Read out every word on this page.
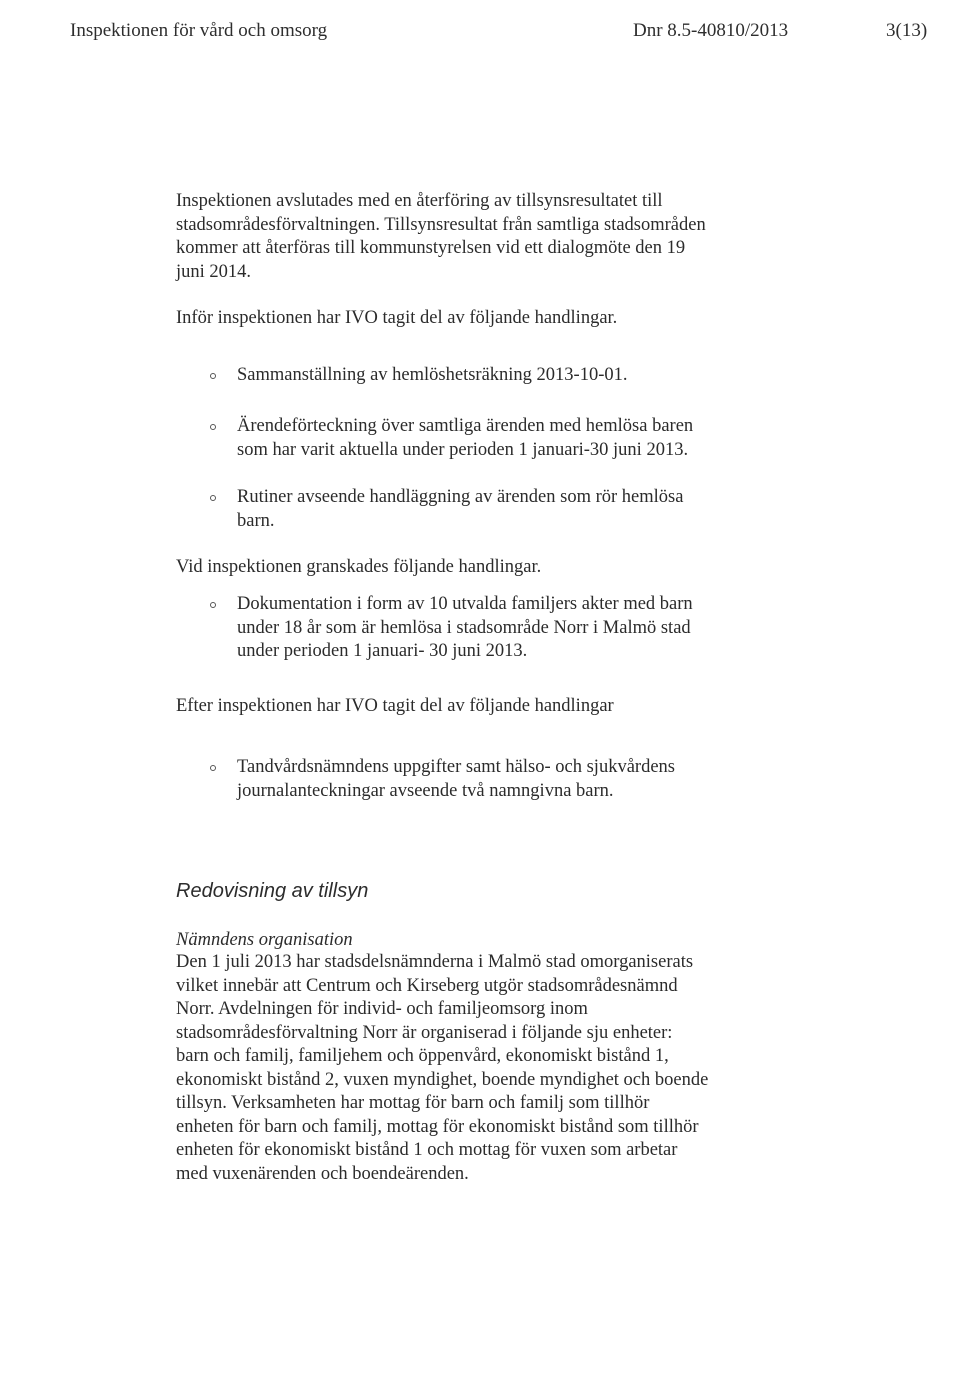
Inspektionen för vård och omsorg	Dnr 8.5-40810/2013	3(13)
Inspektionen avslutades med en återföring av tillsynsresultatet till
stadsområdesförvaltningen. Tillsynsresultat från samtliga stadsområden
kommer att återföras till kommunstyrelsen vid ett dialogmöte den 19
juni 2014.
Inför inspektionen har IVO tagit del av följande handlingar.
Sammanställning av hemlöshetsräkning 2013-10-01.
Ärendeförteckning över samtliga ärenden med hemlösa baren
som har varit aktuella under perioden 1 januari-30 juni 2013.
Rutiner avseende handläggning av ärenden som rör hemlösa
barn.
Vid inspektionen granskades följande handlingar.
Dokumentation i form av 10 utvalda familjers akter med barn
under 18 år som är hemlösa i stadsområde Norr i Malmö stad
under perioden 1 januari- 30 juni 2013.
Efter inspektionen har IVO tagit del av följande handlingar
Tandvårdsnämndens uppgifter samt hälso- och sjukvårdens
journalanteckningar avseende två namngivna barn.
Redovisning av tillsyn
Nämndens organisation
Den 1 juli 2013 har stadsdelsnämnderna i Malmö stad omorganiserats
vilket innebär att Centrum och Kirseberg utgör stadsområdesnämnd
Norr. Avdelningen för individ- och familjeomsorg inom
stadsområdesförvaltning Norr är organiserad i följande sju enheter:
barn och familj, familjehem och öppenvård, ekonomiskt bistånd 1,
ekonomiskt bistånd 2, vuxen myndighet, boende myndighet och boende
tillsyn. Verksamheten har mottag för barn och familj som tillhör
enheten för barn och familj, mottag för ekonomiskt bistånd som tillhör
enheten för ekonomiskt bistånd 1 och mottag för vuxen som arbetar
med vuxenärenden och boendeärenden.
